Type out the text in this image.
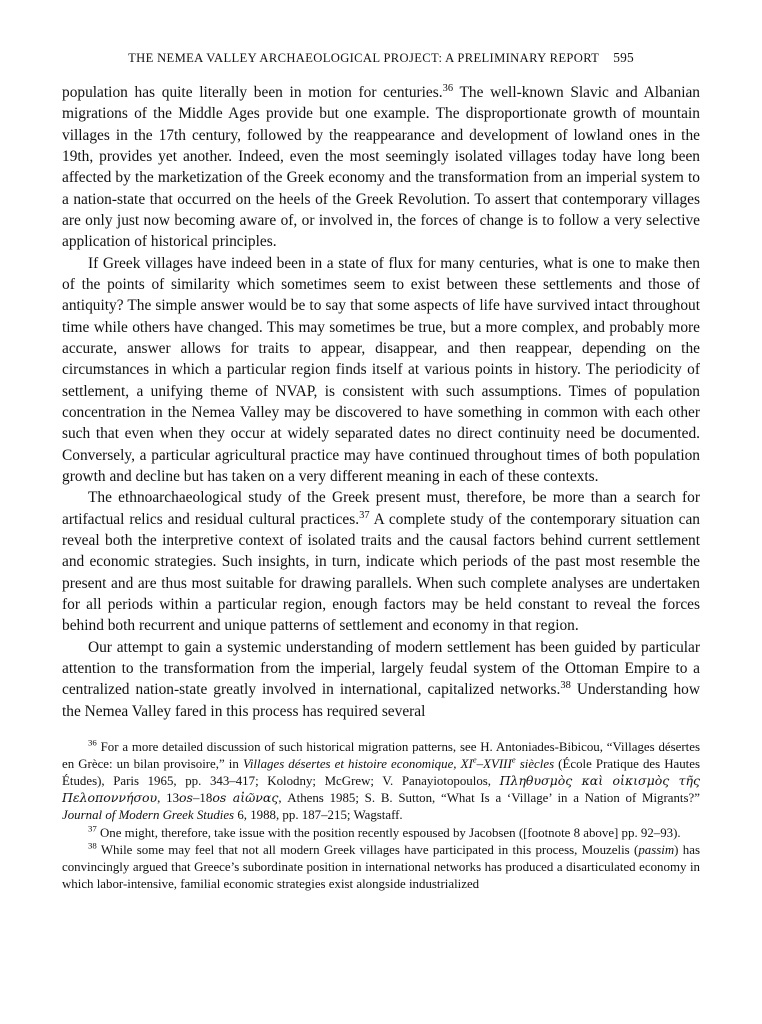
THE NEMEA VALLEY ARCHAEOLOGICAL PROJECT: A PRELIMINARY REPORT 595

population has quite literally been in motion for centuries.$^{36}$ The well-known Slavic and Albanian migrations of the Middle Ages provide but one example. The disproportionate growth of mountain villages in the 17th century, followed by the reappearance and development of lowland ones in the 19th, provides yet another. Indeed, even the most seemingly isolated villages today have long been affected by the marketization of the Greek economy and the transformation from an imperial system to a nation-state that occurred on the heels of the Greek Revolution. To assert that contemporary villages are only just now becoming aware of, or involved in, the forces of change is to follow a very selective application of historical principles.

If Greek villages have indeed been in a state of flux for many centuries, what is one to make then of the points of similarity which sometimes seem to exist between these settlements and those of antiquity? The simple answer would be to say that some aspects of life have survived intact throughout time while others have changed. This may sometimes be true, but a more complex, and probably more accurate, answer allows for traits to appear, disappear, and then reappear, depending on the circumstances in which a particular region finds itself at various points in history. The periodicity of settlement, a unifying theme of NVAP, is consistent with such assumptions. Times of population concentration in the Nemea Valley may be discovered to have something in common with each other such that even when they occur at widely separated dates no direct continuity need be documented. Conversely, a particular agricultural practice may have continued throughout times of both population growth and decline but has taken on a very different meaning in each of these contexts.

The ethnoarchaeological study of the Greek present must, therefore, be more than a search for artifactual relics and residual cultural practices.$^{37}$ A complete study of the contemporary situation can reveal both the interpretive context of isolated traits and the causal factors behind current settlement and economic strategies. Such insights, in turn, indicate which periods of the past most resemble the present and are thus most suitable for drawing parallels. When such complete analyses are undertaken for all periods within a particular region, enough factors may be held constant to reveal the forces behind both recurrent and unique patterns of settlement and economy in that region.

Our attempt to gain a systemic understanding of modern settlement has been guided by particular attention to the transformation from the imperial, largely feudal system of the Ottoman Empire to a centralized nation-state greatly involved in international, capitalized networks.$^{38}$ Understanding how the Nemea Valley fared in this process has required several

$^{36}$ For a more detailed discussion of such historical migration patterns, see H. Antoniades-Bibicou, “Villages désertes en Grèce: un bilan provisoire,” in Villages désertes et histoire economique, XIe–XVIIIe siècles (École Pratique des Hautes Études), Paris 1965, pp. 343–417; Kolodny; McGrew; V. Panayiotopoulos, Πληθυσμὸς καὶ οἰκισμὸς τῆς Πελοποννήσου, 13os–18os aἰῶνας, Athens 1985; S. B. Sutton, “What Is a ‘Village’ in a Nation of Migrants?” Journal of Modern Greek Studies 6, 1988, pp. 187–215; Wagstaff.

$^{37}$ One might, therefore, take issue with the position recently espoused by Jacobsen ([footnote 8 above] pp. 92–93).

$^{38}$ While some may feel that not all modern Greek villages have participated in this process, Mouzelis (passim) has convincingly argued that Greece’s subordinate position in international networks has produced a disarticulated economy in which labor-intensive, familial economic strategies exist alongside industrialized
